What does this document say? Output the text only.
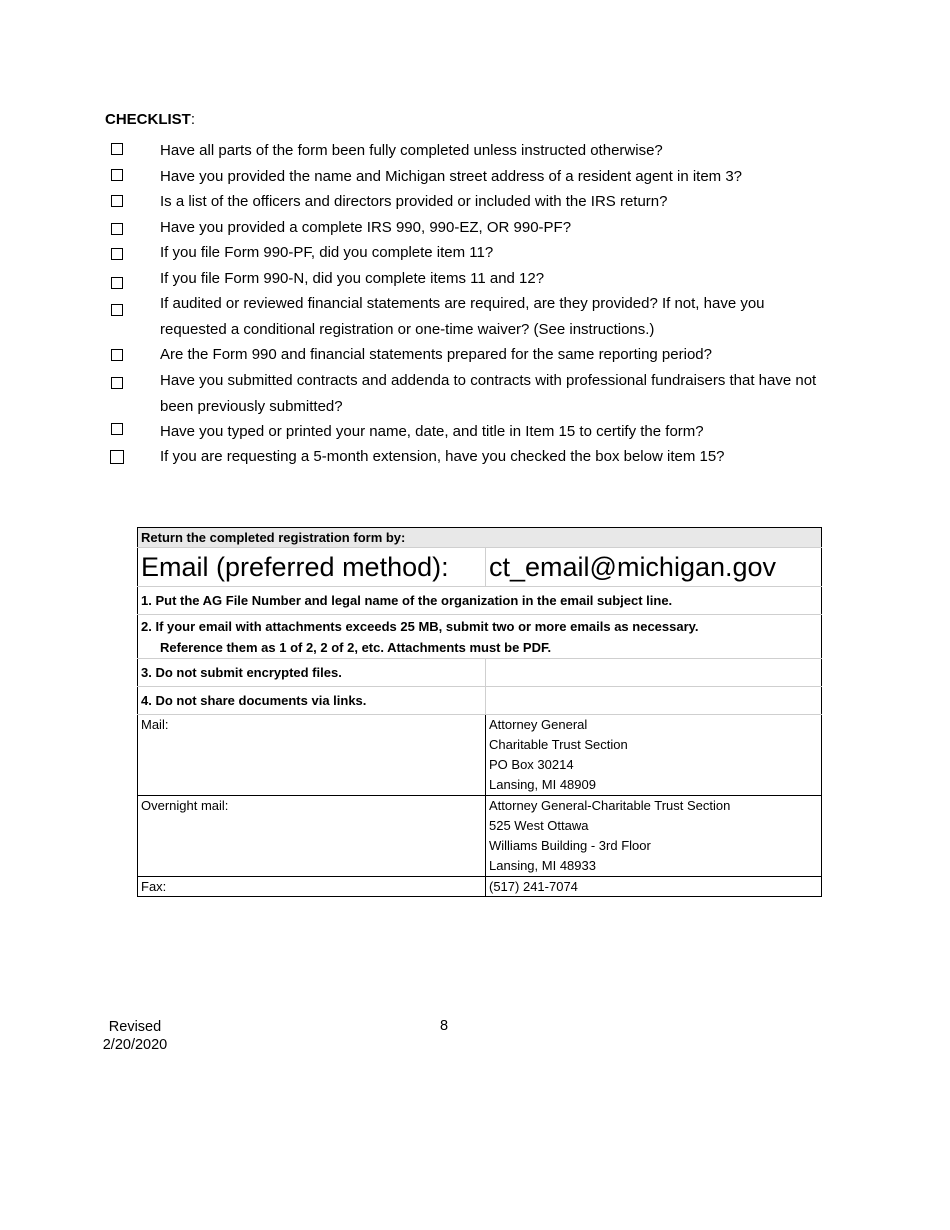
CHECKLIST:
Have all parts of the form been fully completed unless instructed otherwise?
Have you provided the name and Michigan street address of a resident agent in item 3?
Is a list of the officers and directors provided or included with the IRS return?
Have you provided a complete IRS 990, 990-EZ, OR 990-PF?
If you file Form 990-PF, did you complete item 11?
If you file Form 990-N, did you complete items 11 and 12?
If audited or reviewed financial statements are required, are they provided? If not, have you requested a conditional registration or one-time waiver? (See instructions.)
Are the Form 990 and financial statements prepared for the same reporting period?
Have you submitted contracts and addenda to contracts with professional fundraisers that have not been previously submitted?
Have you typed or printed your name, date, and title in Item 15 to certify the form?
If you are requesting a 5-month extension, have you checked the box below item 15?
Return the completed registration form by:	
Email (preferred method):	ct_email@michigan.gov
1. Put the AG File Number and legal name of the organization in the email subject line.	
2. If your email with attachments exceeds 25 MB, submit two or more emails as necessary.	
Reference them as 1 of 2, 2 of 2, etc. Attachments must be PDF.	
3. Do not submit encrypted files.	
4. Do not share documents via links.	
Mail:	Attorney General
Charitable Trust Section
PO Box 30214
Lansing, MI 48909

Overnight mail:	Attorney General-Charitable Trust Section
525 West Ottawa
Williams Building - 3rd Floor
Lansing, MI 48933

Fax:	(517) 241-7074
Revised
2/20/2020
8
